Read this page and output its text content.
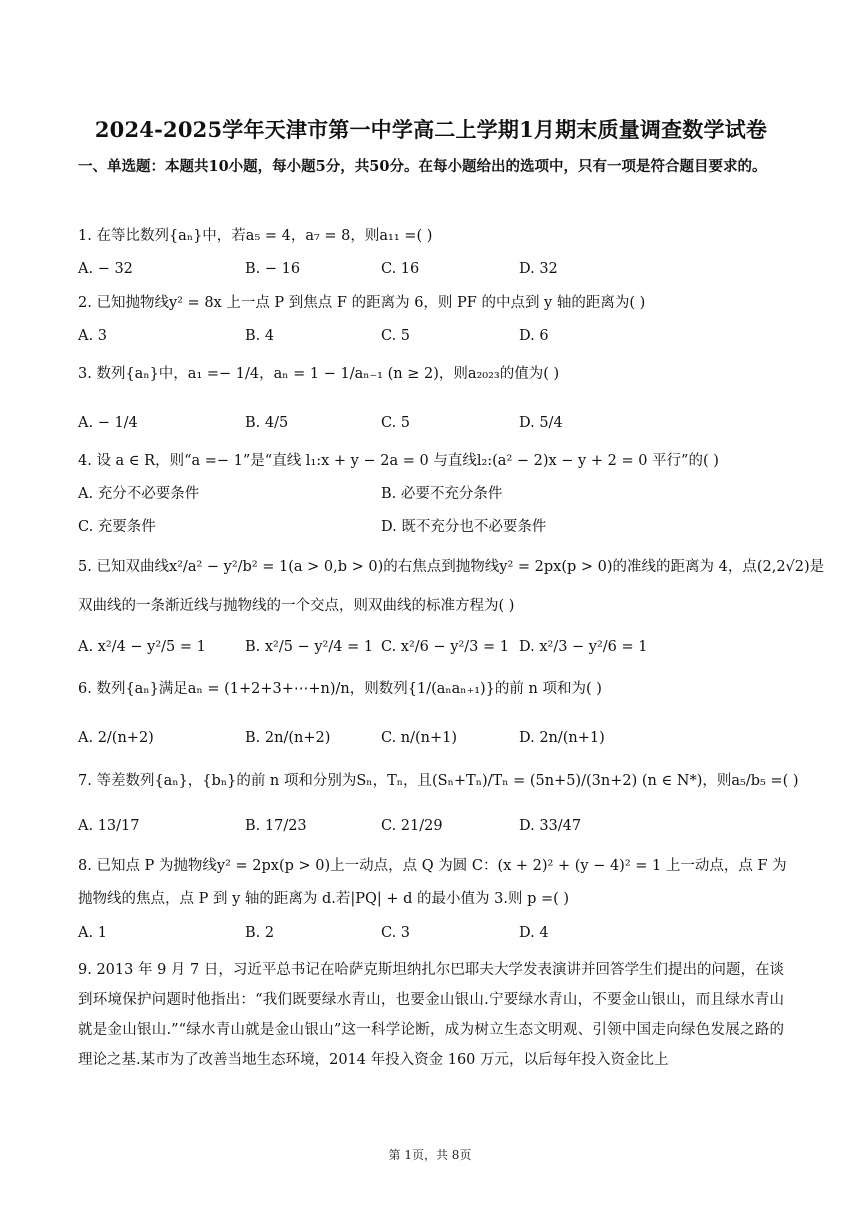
2024-2025学年天津市第一中学高二上学期1月期末质量调查数学试卷
一、单选题：本题共10小题，每小题5分，共50分。在每小题给出的选项中，只有一项是符合题目要求的。
1. 在等比数列{aₙ}中，若a₅ = 4，a₇ = 8，则a₁₁ =( )
A. − 32	B. − 16	C. 16	D. 32
2. 已知抛物线y² = 8x 上一点 P 到焦点 F 的距离为 6，则 PF 的中点到 y 轴的距离为( )
A. 3	B. 4	C. 5	D. 6
3. 数列{aₙ}中，a₁ =− 1/4，aₙ = 1 − 1/aₙ₋₁ (n ≥ 2)，则a₂₀₂₃的值为( )
A. − 1/4	B. 4/5	C. 5	D. 5/4
4. 设 a ∈ R，则“a =− 1”是“直线 l₁:x + y − 2a = 0 与直线l₂:(a² − 2)x − y + 2 = 0 平行”的( )
A. 充分不必要条件	B. 必要不充分条件
C. 充要条件	D. 既不充分也不必要条件
5. 已知双曲线x²/a² − y²/b² = 1(a > 0,b > 0)的右焦点到抛物线y² = 2px(p > 0)的准线的距离为 4，点(2,2√2)是
双曲线的一条渐近线与抛物线的一个交点，则双曲线的标准方程为( )
A. x²/4 − y²/5 = 1	B. x²/5 − y²/4 = 1 C. x²/6 − y²/3 = 1 D. x²/3 − y²/6 = 1
6. 数列{aₙ}满足aₙ = (1+2+3+⋯+n)/n，则数列{1/(aₙaₙ₊₁)}的前 n 项和为( )
A. 2/(n+2)	B. 2n/(n+2)	C. n/(n+1)	D. 2n/(n+1)
7. 等差数列{aₙ}，{bₙ}的前 n 项和分别为Sₙ，Tₙ，且(Sₙ+Tₙ)/Tₙ = (5n+5)/(3n+2) (n ∈ N*)，则a₅/b₅ =( )
A. 13/17	B. 17/23	C. 21/29	D. 33/47
8. 已知点 P 为抛物线y² = 2px(p > 0)上一动点，点 Q 为圆 C：(x + 2)² + (y − 4)² = 1 上一动点，点 F 为
抛物线的焦点，点 P 到 y 轴的距离为 d.若|PQ| + d 的最小值为 3.则 p =( )
A. 1	B. 2	C. 3	D. 4
9. 2013 年 9 月 7 日，习近平总书记在哈萨克斯坦纳扎尔巴耶夫大学发表演讲并回答学生们提出的问题，在谈到环境保护问题时他指出：“我们既要绿水青山，也要金山银山.宁要绿水青山，不要金山银山，而且绿水青山就是金山银山.”“绿水青山就是金山银山”这一科学论断，成为树立生态文明观、引领中国走向绿色发展之路的理论之基.某市为了改善当地生态环境，2014 年投入资金 160 万元，以后每年投入资金比上
第 1页，共 8页
